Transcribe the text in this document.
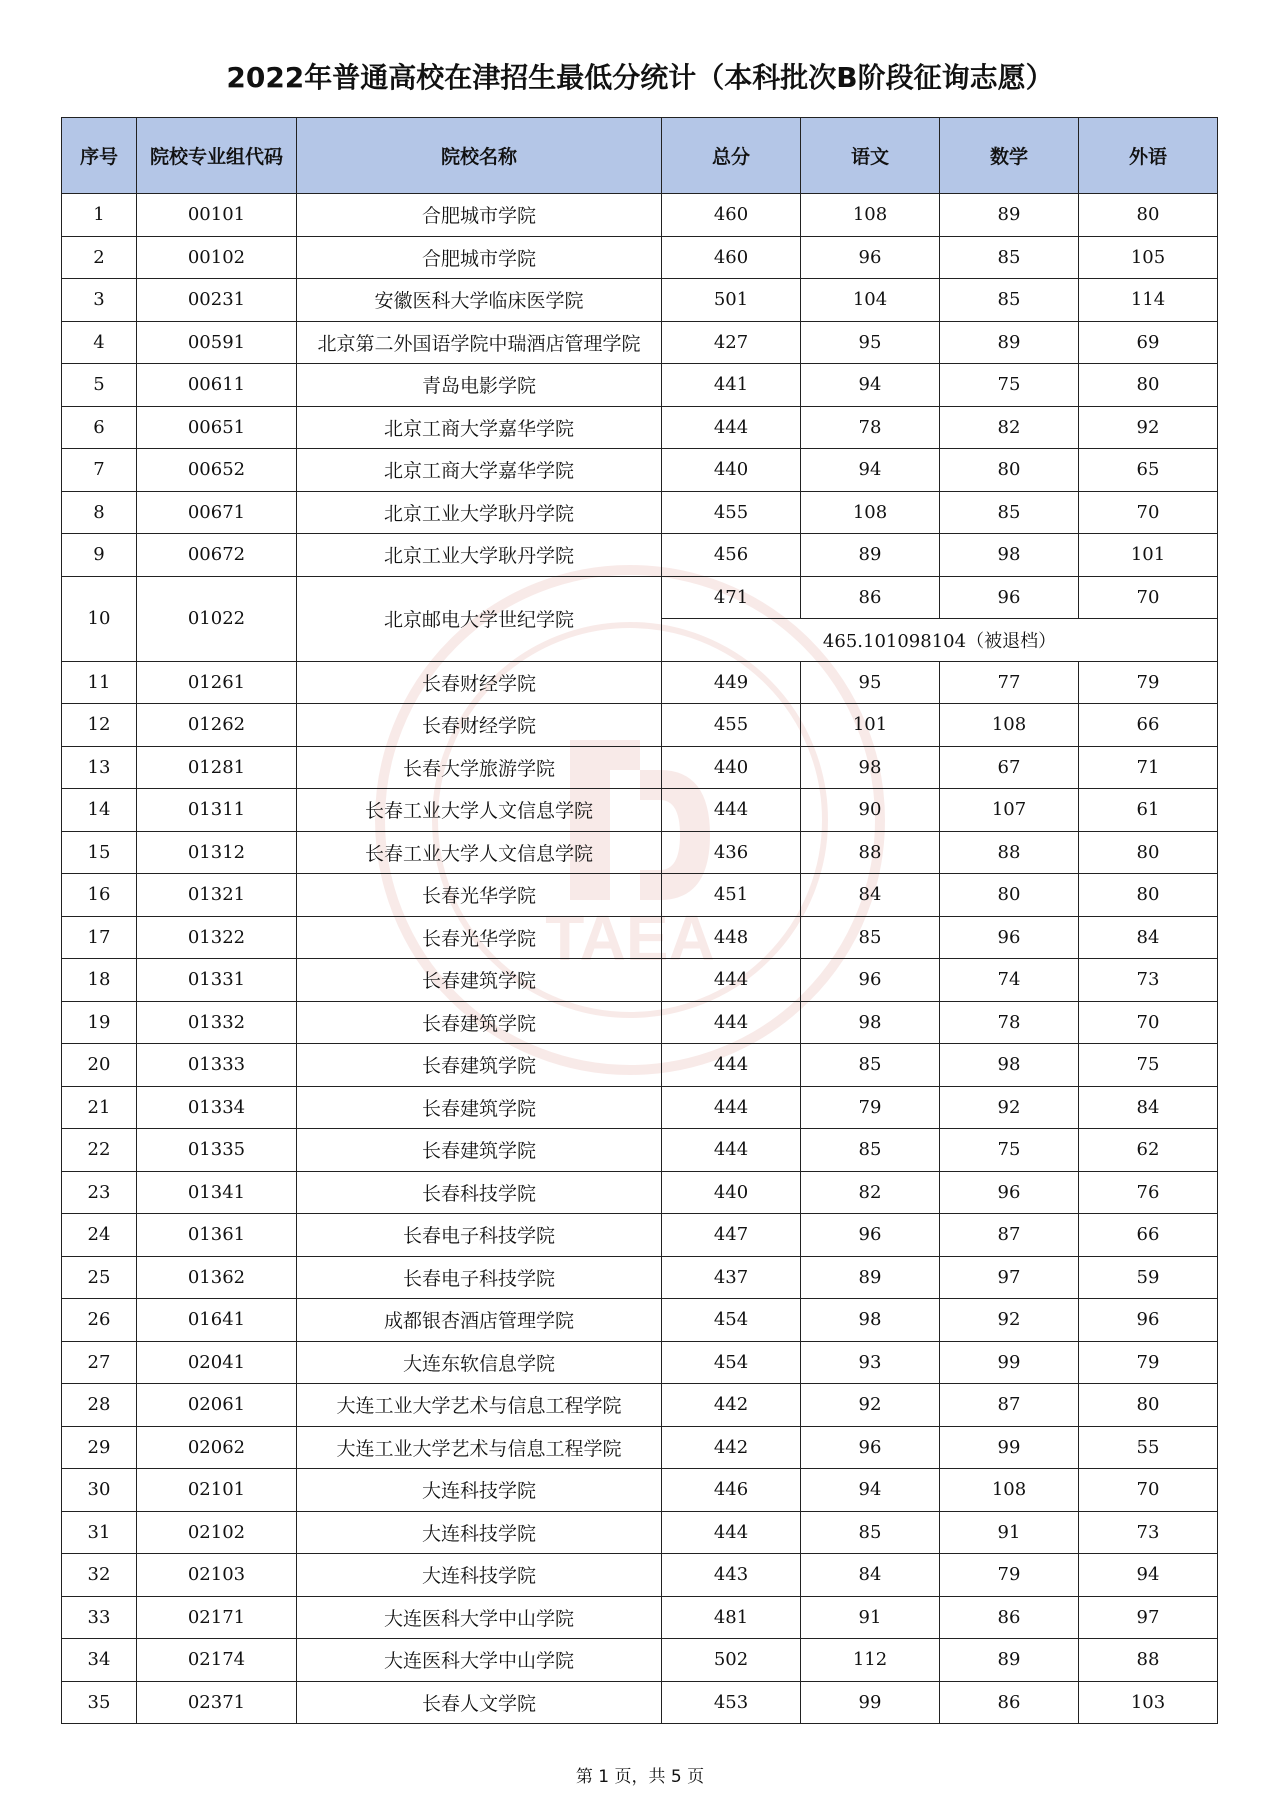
2022年普通高校在津招生最低分统计（本科批次B阶段征询志愿）
TAEA
序号	院校专业组代码	院校名称	总分	语文	数学	外语
1	00101	合肥城市学院	460	108	89	80
2	00102	合肥城市学院	460	96	85	105
3	00231	安徽医科大学临床医学院	501	104	85	114
4	00591	北京第二外国语学院中瑞酒店管理学院	427	95	89	69
5	00611	青岛电影学院	441	94	75	80
6	00651	北京工商大学嘉华学院	444	78	82	92
7	00652	北京工商大学嘉华学院	440	94	80	65
8	00671	北京工业大学耿丹学院	455	108	85	70
9	00672	北京工业大学耿丹学院	456	89	98	101
10	01022	北京邮电大学世纪学院	471	86	96	70
			465.101098104（被退档）			
11	01261	长春财经学院	449	95	77	79
12	01262	长春财经学院	455	101	108	66
13	01281	长春大学旅游学院	440	98	67	71
14	01311	长春工业大学人文信息学院	444	90	107	61
15	01312	长春工业大学人文信息学院	436	88	88	80
16	01321	长春光华学院	451	84	80	80
17	01322	长春光华学院	448	85	96	84
18	01331	长春建筑学院	444	96	74	73
19	01332	长春建筑学院	444	98	78	70
20	01333	长春建筑学院	444	85	98	75
21	01334	长春建筑学院	444	79	92	84
22	01335	长春建筑学院	444	85	75	62
23	01341	长春科技学院	440	82	96	76
24	01361	长春电子科技学院	447	96	87	66
25	01362	长春电子科技学院	437	89	97	59
26	01641	成都银杏酒店管理学院	454	98	92	96
27	02041	大连东软信息学院	454	93	99	79
28	02061	大连工业大学艺术与信息工程学院	442	92	87	80
29	02062	大连工业大学艺术与信息工程学院	442	96	99	55
30	02101	大连科技学院	446	94	108	70
31	02102	大连科技学院	444	85	91	73
32	02103	大连科技学院	443	84	79	94
33	02171	大连医科大学中山学院	481	91	86	97
34	02174	大连医科大学中山学院	502	112	89	88
35	02371	长春人文学院	453	99	86	103
第 1 页，共 5 页
